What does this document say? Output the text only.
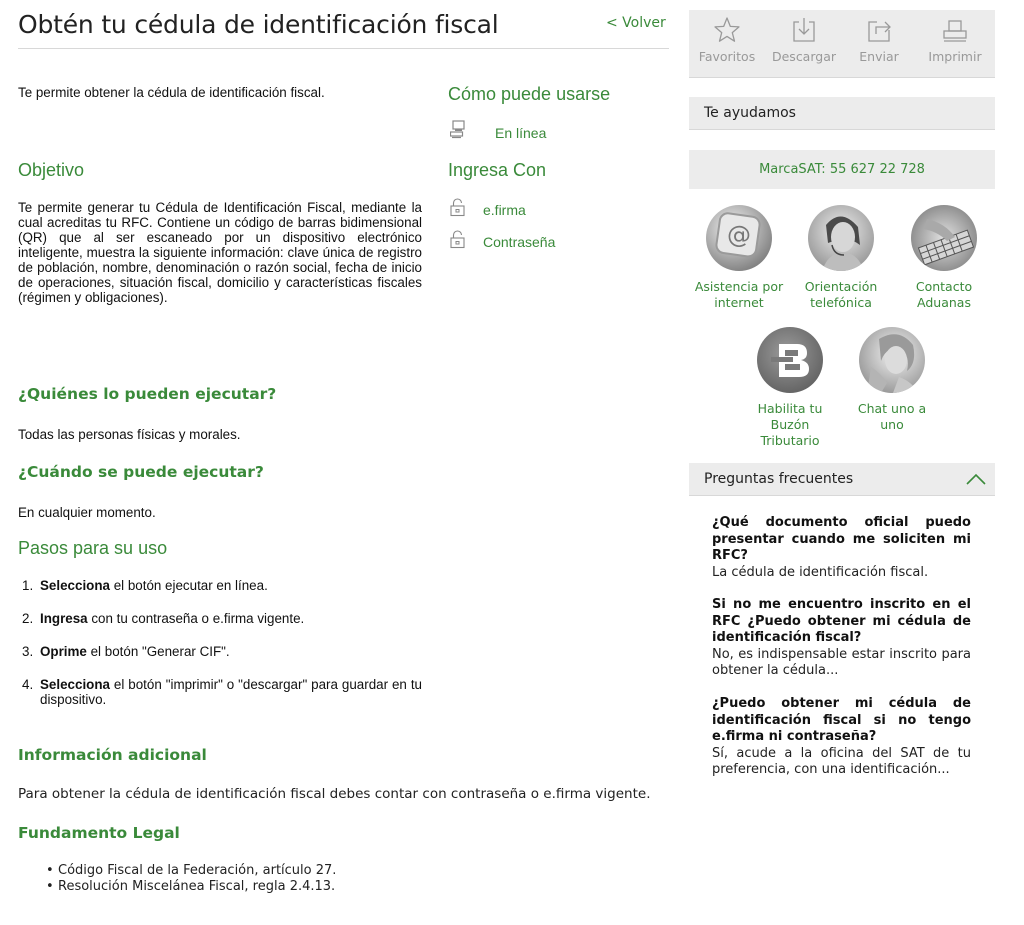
Obtén tu cédula de identificación fiscal	< Volver

Te permite obtener la cédula de identificación fiscal.

Objetivo

Te permite generar tu Cédula de Identificación Fiscal, mediante la cual acreditas tu RFC. Contiene un código de barras bidimensional (QR) que al ser escaneado por un dispositivo electrónico inteligente, muestra la siguiente información: clave única de registro de población, nombre, denominación o razón social, fecha de inicio de operaciones, situación fiscal, domicilio y características fiscales (régimen y obligaciones).

Cómo puede usarse
En línea
Ingresa Con
e.firma
Contraseña
¿Quiénes lo pueden ejecutar?

Todas las personas físicas y morales.

¿Cuándo se puede ejecutar?

En cualquier momento.

Pasos para su uso
1. Selecciona el botón ejecutar en línea.
2. Ingresa con tu contraseña o e.firma vigente.
3. Oprime el botón "Generar CIF".
4. Selecciona el botón "imprimir" o "descargar" para guardar en tu dispositivo.
Información adicional

Para obtener la cédula de identificación fiscal debes contar con contraseña o e.firma vigente.

Fundamento Legal
• Código Fiscal de la Federación, artículo 27.
• Resolución Miscelánea Fiscal, regla 2.4.13.
Favoritos	Descargar	Enviar	Imprimir
Te ayudamos
MarcaSAT: 55 627 22 728
@
Asistencia por
internet
Orientación
telefónica
Contacto
Aduanas
Habilita tu
Buzón Tributario
Chat uno a
uno
Preguntas frecuentes
¿Qué documento oficial puedo presentar cuando me soliciten mi RFC?
La cédula de identificación fiscal.
Si no me encuentro inscrito en el RFC ¿Puedo obtener mi cédula de identificación fiscal?
No, es indispensable estar inscrito para obtener la cédula...
¿Puedo obtener mi cédula de identificación fiscal si no tengo e.firma ni contraseña?
Sí, acude a la oficina del SAT de tu preferencia, con una identificación...
